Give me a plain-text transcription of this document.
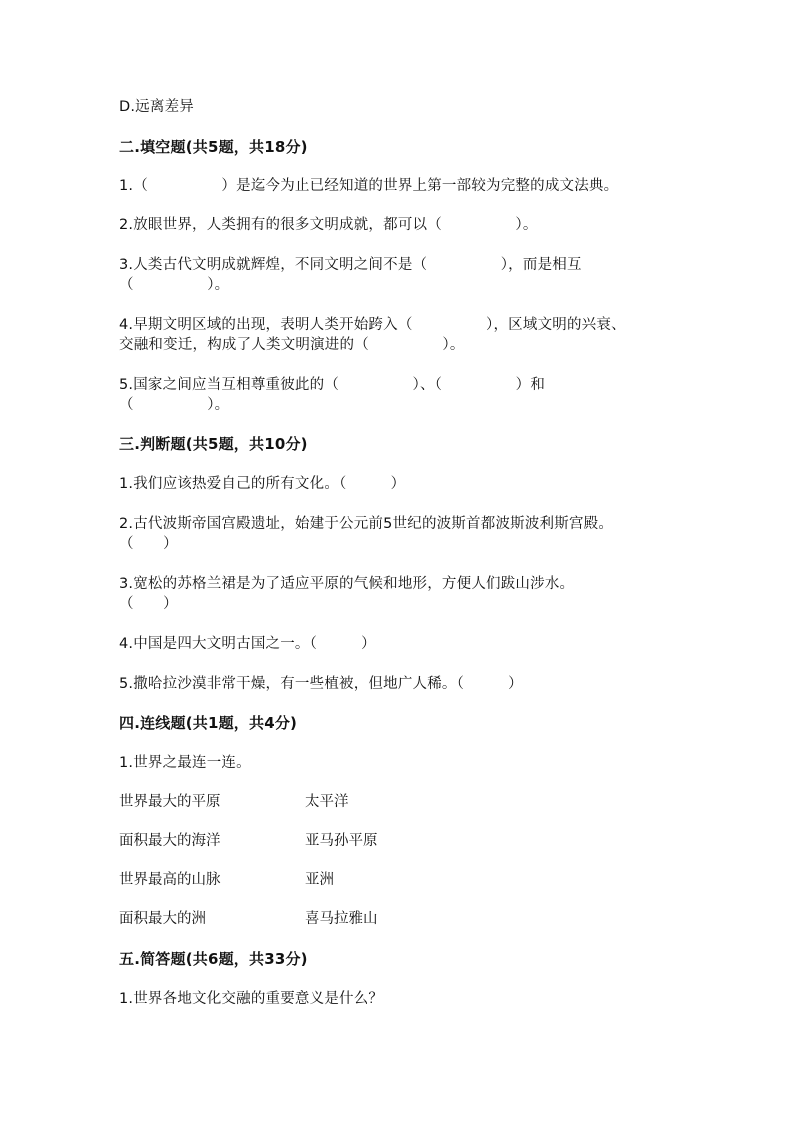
D.远离差异
二.填空题(共5题，共18分)
1.（　　　　　）是迄今为止已经知道的世界上第一部较为完整的成文法典。
2.放眼世界，人类拥有的很多文明成就，都可以（　　　　　）。
3.人类古代文明成就辉煌，不同文明之间不是（　　　　　），而是相互
（　　　　　）。
4.早期文明区域的出现，表明人类开始跨入（　　　　　），区域文明的兴衰、
交融和变迁，构成了人类文明演进的（　　　　　）。
5.国家之间应当互相尊重彼此的（　　　　　）、（　　　　　）和
（　　　　　）。
三.判断题(共5题，共10分)
1.我们应该热爱自己的所有文化。（　　　）
2.古代波斯帝国宫殿遗址，始建于公元前5世纪的波斯首都波斯波利斯宫殿。
（　　）
3.宽松的苏格兰裙是为了适应平原的气候和地形，方便人们跋山涉水。
（　　）
4.中国是四大文明古国之一。（　　　）
5.撒哈拉沙漠非常干燥，有一些植被，但地广人稀。（　　　）
四.连线题(共1题，共4分)
1.世界之最连一连。
世界最大的平原	太平洋
面积最大的海洋	亚马孙平原
世界最高的山脉	亚洲
面积最大的洲	喜马拉雅山
五.简答题(共6题，共33分)
1.世界各地文化交融的重要意义是什么？
